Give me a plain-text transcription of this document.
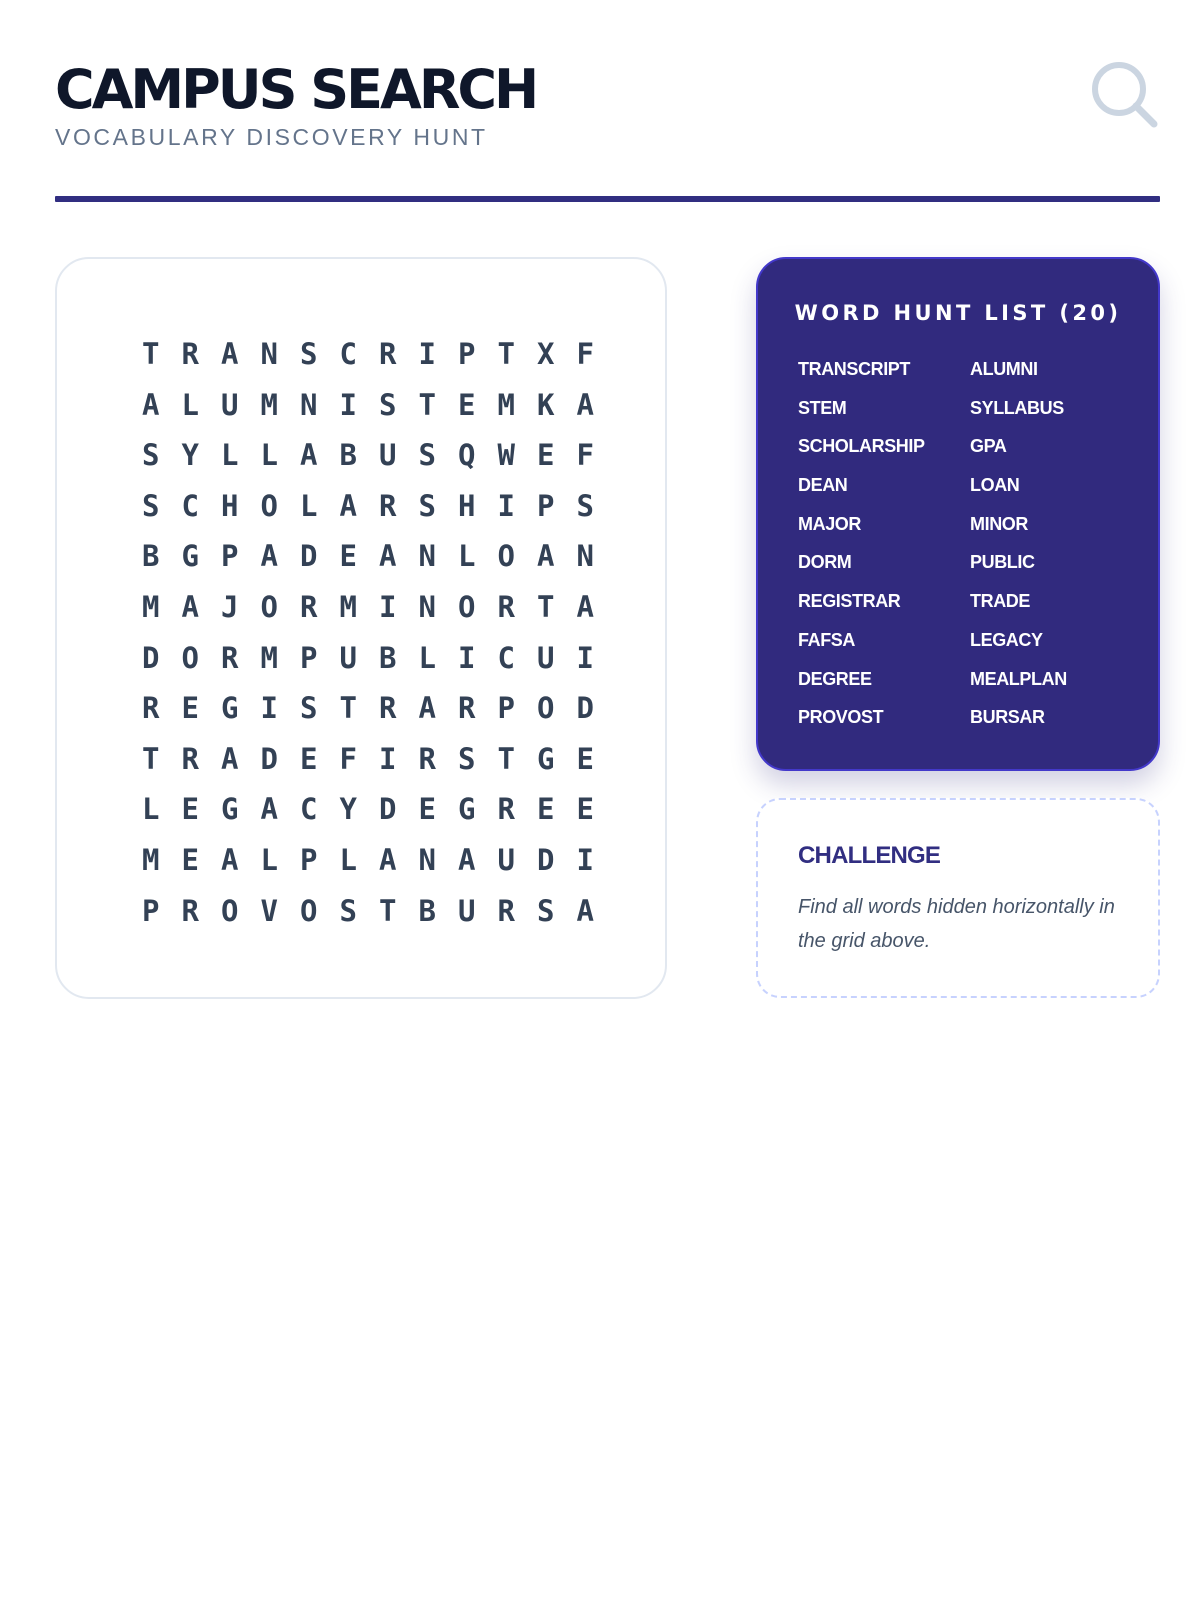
CAMPUS SEARCH
VOCABULARY DISCOVERY HUNT
T R A N S C R I P T X F
A L U M N I S T E M K A
S Y L L A B U S Q W E F
S C H O L A R S H I P S
B G P A D E A N L O A N
M A J O R M I N O R T A
D O R M P U B L I C U I
R E G I S T R A R P O D
T R A D E F I R S T G E
L E G A C Y D E G R E E
M E A L P L A N A U D I
P R O V O S T B U R S A
WORD HUNT LIST (20)
TRANSCRIPT	ALUMNI
STEM	SYLLABUS
SCHOLARSHIP	GPA
DEAN	LOAN
MAJOR	MINOR
DORM	PUBLIC
REGISTRAR	TRADE
FAFSA	LEGACY
DEGREE	MEALPLAN
PROVOST	BURSAR
CHALLENGE
Find all words hidden horizontally in the grid above.
